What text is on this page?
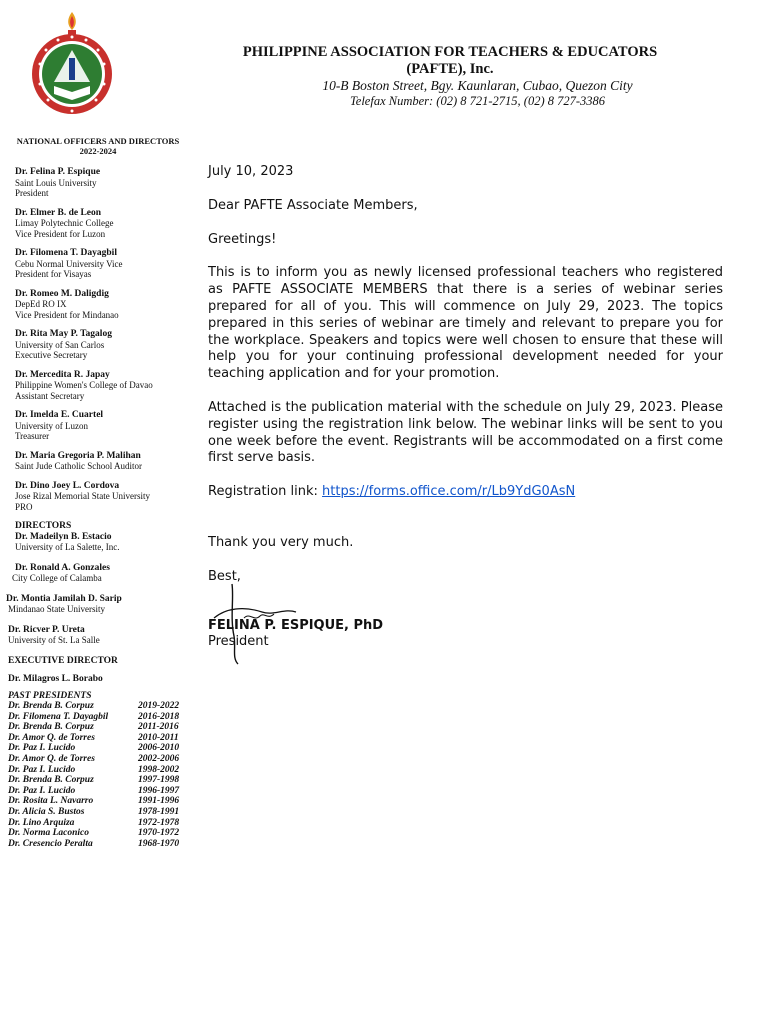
PHILIPPINE ASSOCIATION FOR TEACHERS & EDUCATORS
(PAFTE), Inc.
10-B Boston Street, Bgy. Kaunlaran, Cubao, Quezon City
Telefax Number: (02) 8 721-2715, (02) 8 727-3386
NATIONAL OFFICERS AND DIRECTORS
2022-2024
Dr. Felina P. Espique
Saint Louis University
President
Dr. Elmer B. de Leon
Limay Polytechnic College
Vice President for Luzon
Dr. Filomena T. Dayagbil
Cebu Normal University Vice
President for Visayas
Dr. Romeo M. Daligdig
DepEd RO IX
Vice President for Mindanao
Dr. Rita May P. Tagalog
University of San Carlos
Executive Secretary
Dr. Mercedita R. Japay
Philippine Women's College of Davao
Assistant Secretary
Dr. Imelda E. Cuartel
University of Luzon
Treasurer
Dr. Maria Gregoria P. Malihan
Saint Jude Catholic School Auditor
Dr. Dino Joey L. Cordova
Jose Rizal Memorial State University
PRO
DIRECTORS
Dr. Madeilyn B. Estacio
University of La Salette, Inc.
Dr. Ronald A. Gonzales
City College of Calamba
Dr. Montia Jamilah D. Sarip
Mindanao State University
Dr. Ricver P. Ureta
University of St. La Salle
EXECUTIVE DIRECTOR
Dr. Milagros L. Borabo
PAST PRESIDENTS
Dr. Brenda B. Corpuz	2019-2022
Dr. Filomena T. Dayagbil	2016-2018
Dr. Brenda B. Corpuz	2011-2016
Dr. Amor Q. de Torres	2010-2011
Dr. Paz I. Lucido	2006-2010
Dr. Amor Q. de Torres	2002-2006
Dr. Paz I. Lucido	1998-2002
Dr. Brenda B. Corpuz	1997-1998
Dr. Paz I. Lucido	1996-1997
Dr. Rosita L. Navarro	1991-1996
Dr. Alicia S. Bustos	1978-1991
Dr. Lino Arquiza	1972-1978
Dr. Norma Laconico	1970-1972
Dr. Cresencio Peralta	1968-1970

July 10, 2023

Dear PAFTE Associate Members,

Greetings!

This is to inform you as newly licensed professional teachers who registered as PAFTE ASSOCIATE MEMBERS that there is a series of webinar series prepared for all of you. This will commence on July 29, 2023. The topics prepared in this series of webinar are timely and relevant to prepare you for the workplace. Speakers and topics were well chosen to ensure that these will help you for your continuing professional development needed for your teaching application and for your promotion.

Attached is the publication material with the schedule on July 29, 2023. Please register using the registration link below. The webinar links will be sent to you one week before the event. Registrants will be accommodated on a first come first serve basis.

Registration link: https://forms.office.com/r/Lb9YdG0AsN

Thank you very much.

Best,

FELINA P. ESPIQUE, PhD
President
